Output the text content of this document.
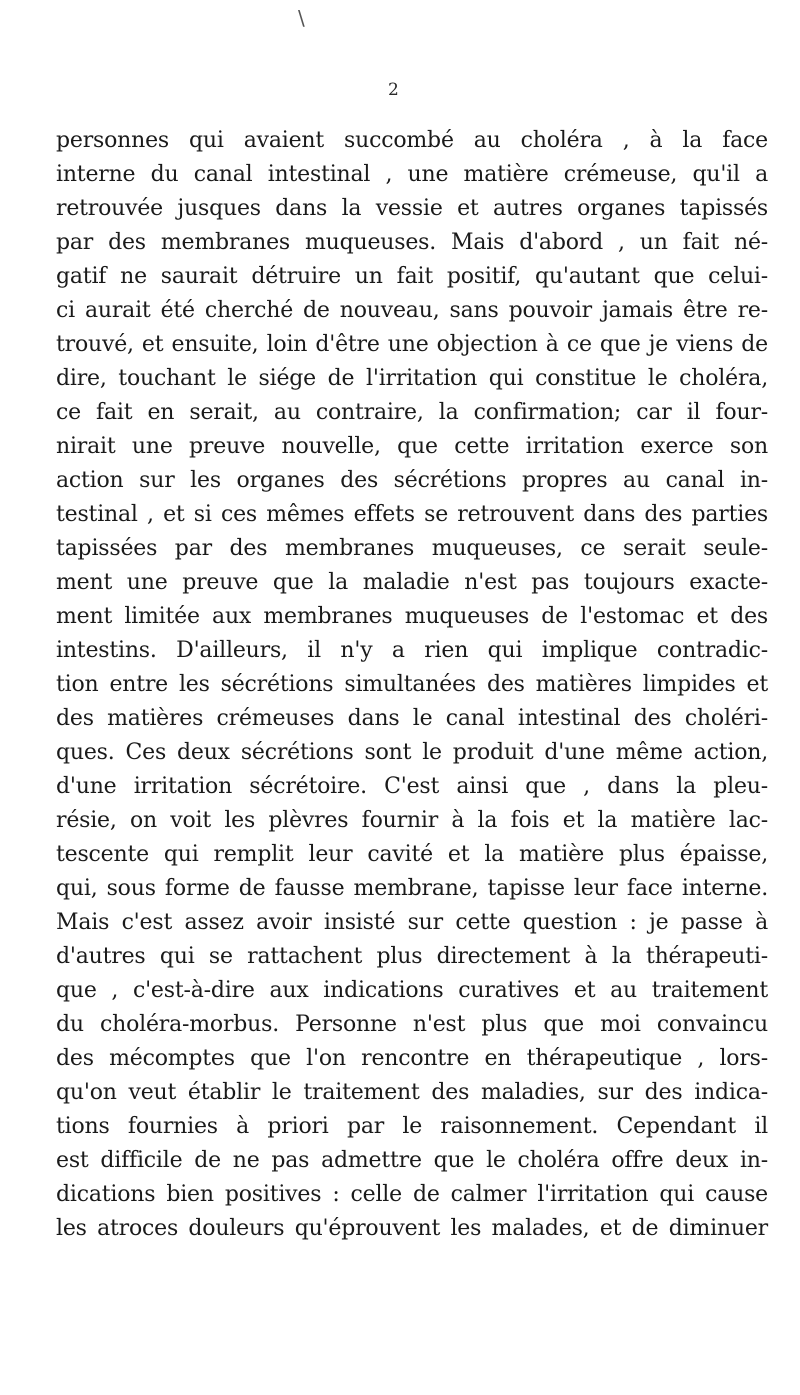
\
2
personnes qui avaient succombé au choléra , à la face
interne du canal intestinal , une matière crémeuse, qu'il a
retrouvée jusques dans la vessie et autres organes tapissés
par des membranes muqueuses. Mais d'abord , un fait né-
gatif ne saurait détruire un fait positif, qu'autant que celui-
ci aurait été cherché de nouveau, sans pouvoir jamais être re-
trouvé, et ensuite, loin d'être une objection à ce que je viens de
dire, touchant le siége de l'irritation qui constitue le choléra,
ce fait en serait, au contraire, la confirmation; car il four-
nirait une preuve nouvelle, que cette irritation exerce son
action sur les organes des sécrétions propres au canal in-
testinal , et si ces mêmes effets se retrouvent dans des parties
tapissées par des membranes muqueuses, ce serait seule-
ment une preuve que la maladie n'est pas toujours exacte-
ment limitée aux membranes muqueuses de l'estomac et des
intestins. D'ailleurs, il n'y a rien qui implique contradic-
tion entre les sécrétions simultanées des matières limpides et
des matières crémeuses dans le canal intestinal des choléri-
ques. Ces deux sécrétions sont le produit d'une même action,
d'une irritation sécrétoire. C'est ainsi que , dans la pleu-
résie, on voit les plèvres fournir à la fois et la matière lac-
tescente qui remplit leur cavité et la matière plus épaisse,
qui, sous forme de fausse membrane, tapisse leur face interne.
Mais c'est assez avoir insisté sur cette question : je passe à
d'autres qui se rattachent plus directement à la thérapeuti-
que , c'est-à-dire aux indications curatives et au traitement
du choléra-morbus. Personne n'est plus que moi convaincu
des mécomptes que l'on rencontre en thérapeutique , lors-
qu'on veut établir le traitement des maladies, sur des indica-
tions fournies à priori par le raisonnement. Cependant il
est difficile de ne pas admettre que le choléra offre deux in-
dications bien positives : celle de calmer l'irritation qui cause
les atroces douleurs qu'éprouvent les malades, et de diminuer
